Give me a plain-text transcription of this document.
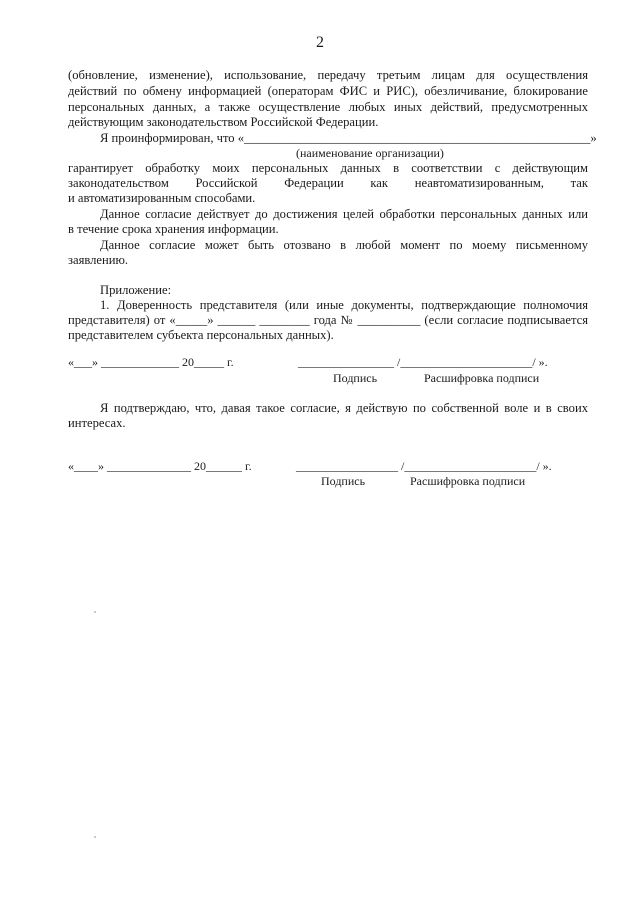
2
(обновление, изменение), использование, передачу третьим лицам для осуществления
действий по обмену информацией (операторам ФИС и РИС), обезличивание, блокирование
персональных данных, а также осуществление любых иных действий, предусмотренных
действующим законодательством Российской Федерации.
Я проинформирован, что «_______________________________________________________»
(наименование организации)
гарантирует обработку моих персональных данных в соответствии с действующим
законодательством Российской Федерации как неавтоматизированным, так
и автоматизированным способами.
Данное согласие действует до достижения целей обработки персональных данных или
в течение срока хранения информации.
Данное согласие может быть отозвано в любой момент по моему письменному
заявлению.
Приложение:
1. Доверенность представителя (или иные документы, подтверждающие полномочия
представителя) от «_____» ______ ________ года № __________ (если согласие подписывается
представителем субъекта персональных данных).
«___» _____________ 20_____ г.	________________ /______________________/ ».
Подпись	Расшифровка подписи
Я подтверждаю, что, давая такое согласие, я действую по собственной воле и в своих
интересах.
«____» ______________ 20______ г.	_________________ /______________________/ ».
Подпись	Расшифровка подписи
